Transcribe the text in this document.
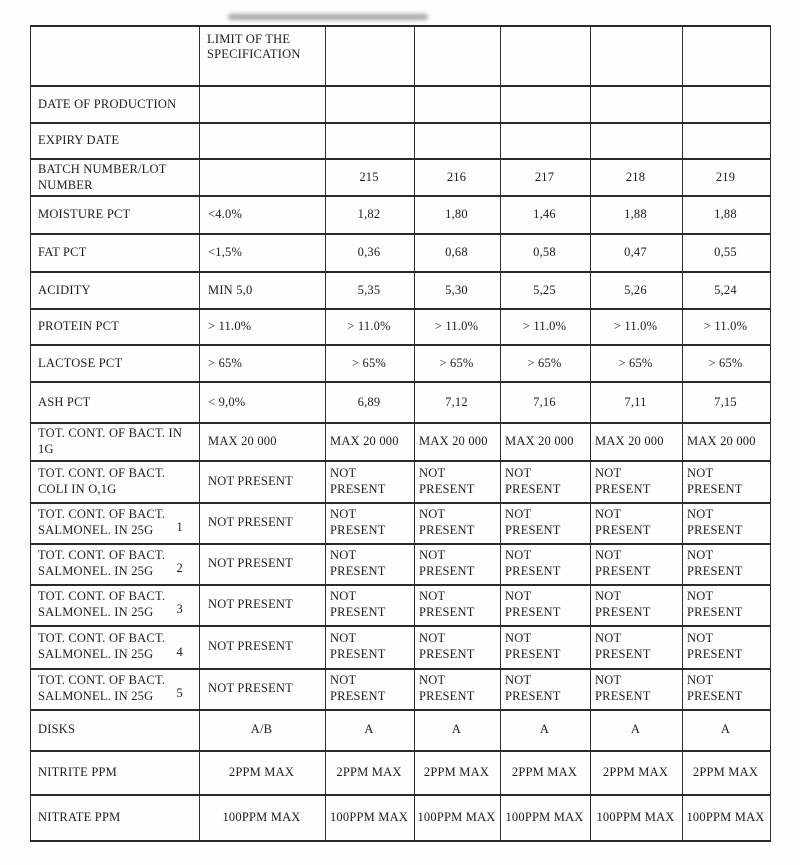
	LIMIT OF THE SPECIFICATION					
DATE OF PRODUCTION

EXPIRY DATE

BATCH NUMBER/LOT NUMBER		215	216	217	218	219
MOISTURE PCT	<4.0%	1,82	1,80	1,46	1,88	1,88
FAT PCT	<1,5%	0,36	0,68	0,58	0,47	0,55
ACIDITY	MIN 5,0	5,35	5,30	5,25	5,26	5,24
PROTEIN PCT	> 11.0%	> 11.0%	> 11.0%	> 11.0%	> 11.0%	> 11.0%
LACTOSE PCT	> 65%	> 65%	> 65%	> 65%	> 65%	> 65%
ASH PCT	< 9,0%	6,89	7,12	7,16	7,11	7,15
TOT. CONT. OF BACT. IN 1G	MAX 20 000	MAX 20 000	MAX 20 000	MAX 20 000	MAX 20 000	MAX 20 000
TOT. CONT. OF BACT. COLI IN O,1G	NOT PRESENT	NOT PRESENT	NOT PRESENT	NOT PRESENT	NOT PRESENT	NOT PRESENT
TOT. CONT. OF BACT. SALMONEL. IN 25G 1	NOT PRESENT	NOT PRESENT	NOT PRESENT	NOT PRESENT	NOT PRESENT	NOT PRESENT
TOT. CONT. OF BACT. SALMONEL. IN 25G 2	NOT PRESENT	NOT PRESENT	NOT PRESENT	NOT PRESENT	NOT PRESENT	NOT PRESENT
TOT. CONT. OF BACT. SALMONEL. IN 25G 3	NOT PRESENT	NOT PRESENT	NOT PRESENT	NOT PRESENT	NOT PRESENT	NOT PRESENT
TOT. CONT. OF BACT. SALMONEL. IN 25G 4	NOT PRESENT	NOT PRESENT	NOT PRESENT	NOT PRESENT	NOT PRESENT	NOT PRESENT
TOT. CONT. OF BACT. SALMONEL. IN 25G 5	NOT PRESENT	NOT PRESENT	NOT PRESENT	NOT PRESENT	NOT PRESENT	NOT PRESENT
DISKS	A/B	A	A	A	A	A
NITRITE PPM	2PPM MAX	2PPM MAX	2PPM MAX	2PPM MAX	2PPM MAX	2PPM MAX
NITRATE PPM	100PPM MAX	100PPM MAX	100PPM MAX	100PPM MAX	100PPM MAX	100PPM MAX
